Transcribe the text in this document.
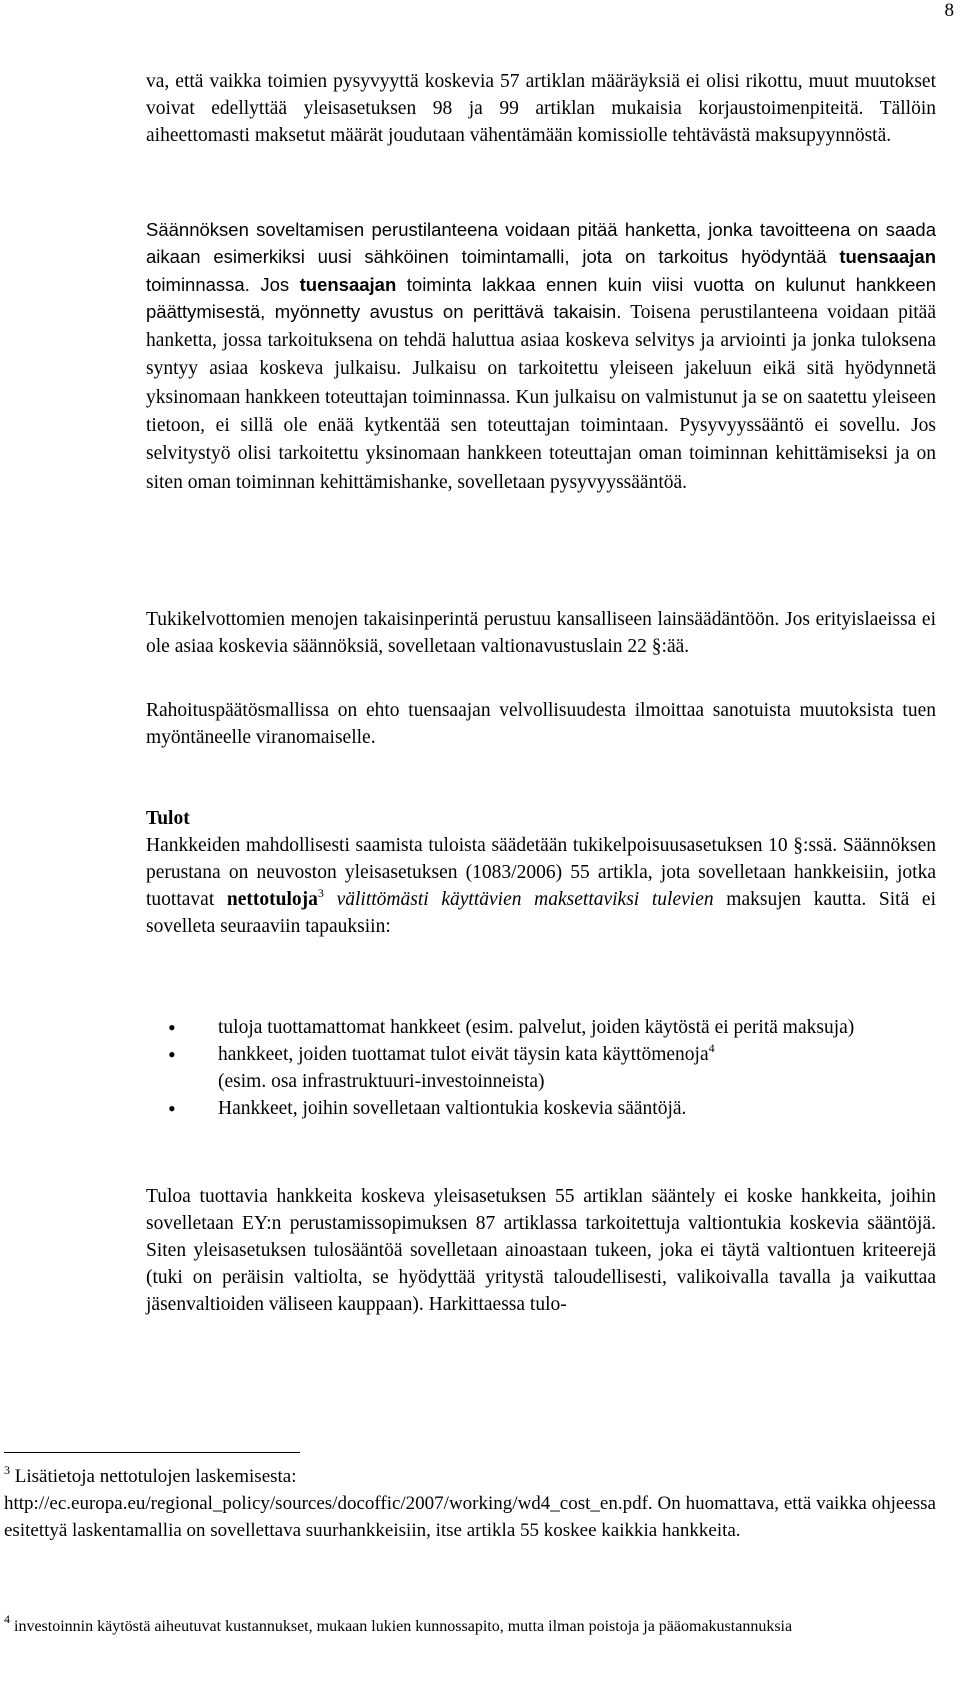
8

va, että vaikka toimien pysyvyyttä koskevia 57 artiklan määräyksiä ei olisi rikottu, muut muutokset voivat edellyttää yleisasetuksen 98 ja 99 artiklan mukaisia korjaustoimenpiteitä. Tällöin aiheettomasti maksetut määrät joudutaan vähentämään komissiolle tehtävästä maksupyynnöstä.

Säännöksen soveltamisen perustilanteena voidaan pitää hanketta, jonka tavoitteena on saada aikaan esimerkiksi uusi sähköinen toimintamalli, jota on tarkoitus hyödyntää tuensaajan toiminnassa. Jos tuensaajan toiminta lakkaa ennen kuin viisi vuotta on kulunut hankkeen päättymisestä, myönnetty avustus on perittävä takaisin. Toisena perustilanteena voidaan pitää hanketta, jossa tarkoituksena on tehdä haluttua asiaa koskeva selvitys ja arviointi ja jonka tuloksena syntyy asiaa koskeva julkaisu. Julkaisu on tarkoitettu yleiseen jakeluun eikä sitä hyödynnetä yksinomaan hankkeen toteuttajan toiminnassa. Kun julkaisu on valmistunut ja se on saatettu yleiseen tietoon, ei sillä ole enää kytkentää sen toteuttajan toimintaan. Pysyvyyssääntö ei sovellu. Jos selvitystyö olisi tarkoitettu yksinomaan hankkeen toteuttajan oman toiminnan kehittämiseksi ja on siten oman toiminnan kehittämishanke, sovelletaan pysyvyyssääntöä.

Tukikelvottomien menojen takaisinperintä perustuu kansalliseen lainsäädäntöön. Jos erityislaeissa ei ole asiaa koskevia säännöksiä, sovelletaan valtionavustuslain 22 §:ää.

Rahoituspäätösmallissa on ehto tuensaajan velvollisuudesta ilmoittaa sanotuista muutoksista tuen myöntäneelle viranomaiselle.

Tulot

Hankkeiden mahdollisesti saamista tuloista säädetään tukikelpoisuusasetuksen 10 §:ssä. Säännöksen perustana on neuvoston yleisasetuksen (1083/2006) 55 artikla, jota sovelletaan hankkeisiin, jotka tuottavat nettotuloja$^3$ välittömästi käyttävien maksettaviksi tulevien maksujen kautta. Sitä ei sovelleta seuraaviin tapauksiin:

• tuloja tuottamattomat hankkeet (esim. palvelut, joiden käytöstä ei peritä maksuja)
• hankkeet, joiden tuottamat tulot eivät täysin kata käyttömenoja$^4$
(esim. osa infrastruktuuri-investoinneista)
• Hankkeet, joihin sovelletaan valtiontukia koskevia sääntöjä.

Tuloa tuottavia hankkeita koskeva yleisasetuksen 55 artiklan sääntely ei koske hankkeita, joihin sovelletaan EY:n perustamissopimuksen 87 artiklassa tarkoitettuja valtiontukia koskevia sääntöjä. Siten yleisasetuksen tulosääntöä sovelletaan ainoastaan tukeen, joka ei täytä valtiontuen kriteerejä (tuki on peräisin valtiolta, se hyödyttää yritystä taloudellisesti, valikoivalla tavalla ja vaikuttaa jäsenvaltioiden väliseen kauppaan). Harkittaessa tulo-

$^3$ Lisätietoja nettotulojen laskemisesta:
http://ec.europa.eu/regional_policy/sources/docoffic/2007/working/wd4_cost_en.pdf. On huomattava, että vaikka ohjeessa esitettyä laskentamallia on sovellettava suurhankkeisiin, itse artikla 55 koskee kaikkia hankkeita.
$^4$ investoinnin käytöstä aiheutuvat kustannukset, mukaan lukien kunnossapito, mutta ilman poistoja ja pääomakustannuksia
